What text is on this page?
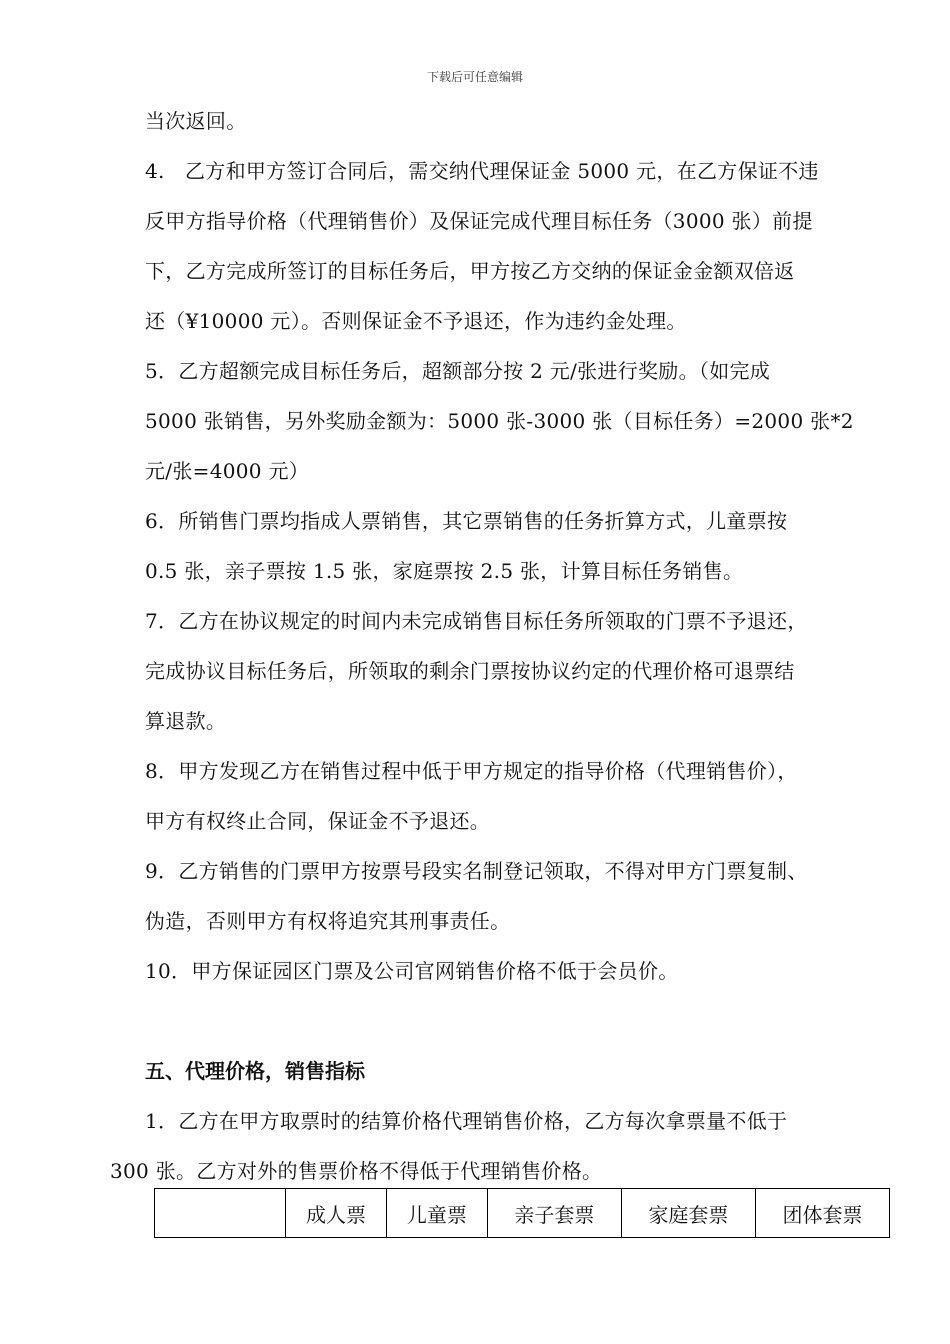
下载后可任意编辑
当次返回。
4.　乙方和甲方签订合同后，需交纳代理保证金 5000 元，在乙方保证不违
反甲方指导价格（代理销售价）及保证完成代理目标任务（3000 张）前提
下，乙方完成所签订的目标任务后，甲方按乙方交纳的保证金金额双倍返
还（¥10000 元）。否则保证金不予退还，作为违约金处理。
5．乙方超额完成目标任务后，超额部分按 2 元/张进行奖励。（如完成
5000 张销售，另外奖励金额为：5000 张-3000 张（目标任务）=2000 张*2
元/张=4000 元）
6．所销售门票均指成人票销售，其它票销售的任务折算方式，儿童票按
0.5 张，亲子票按 1.5 张，家庭票按 2.5 张，计算目标任务销售。
7．乙方在协议规定的时间内未完成销售目标任务所领取的门票不予退还，
完成协议目标任务后，所领取的剩余门票按协议约定的代理价格可退票结
算退款。
8．甲方发现乙方在销售过程中低于甲方规定的指导价格（代理销售价），
甲方有权终止合同，保证金不予退还。
9．乙方销售的门票甲方按票号段实名制登记领取，不得对甲方门票复制、
伪造，否则甲方有权将追究其刑事责任。
10．甲方保证园区门票及公司官网销售价格不低于会员价。
五、代理价格，销售指标
1．乙方在甲方取票时的结算价格代理销售价格，乙方每次拿票量不低于
300 张。乙方对外的售票价格不得低于代理销售价格。
	成人票	儿童票	亲子套票	家庭套票	团体套票
